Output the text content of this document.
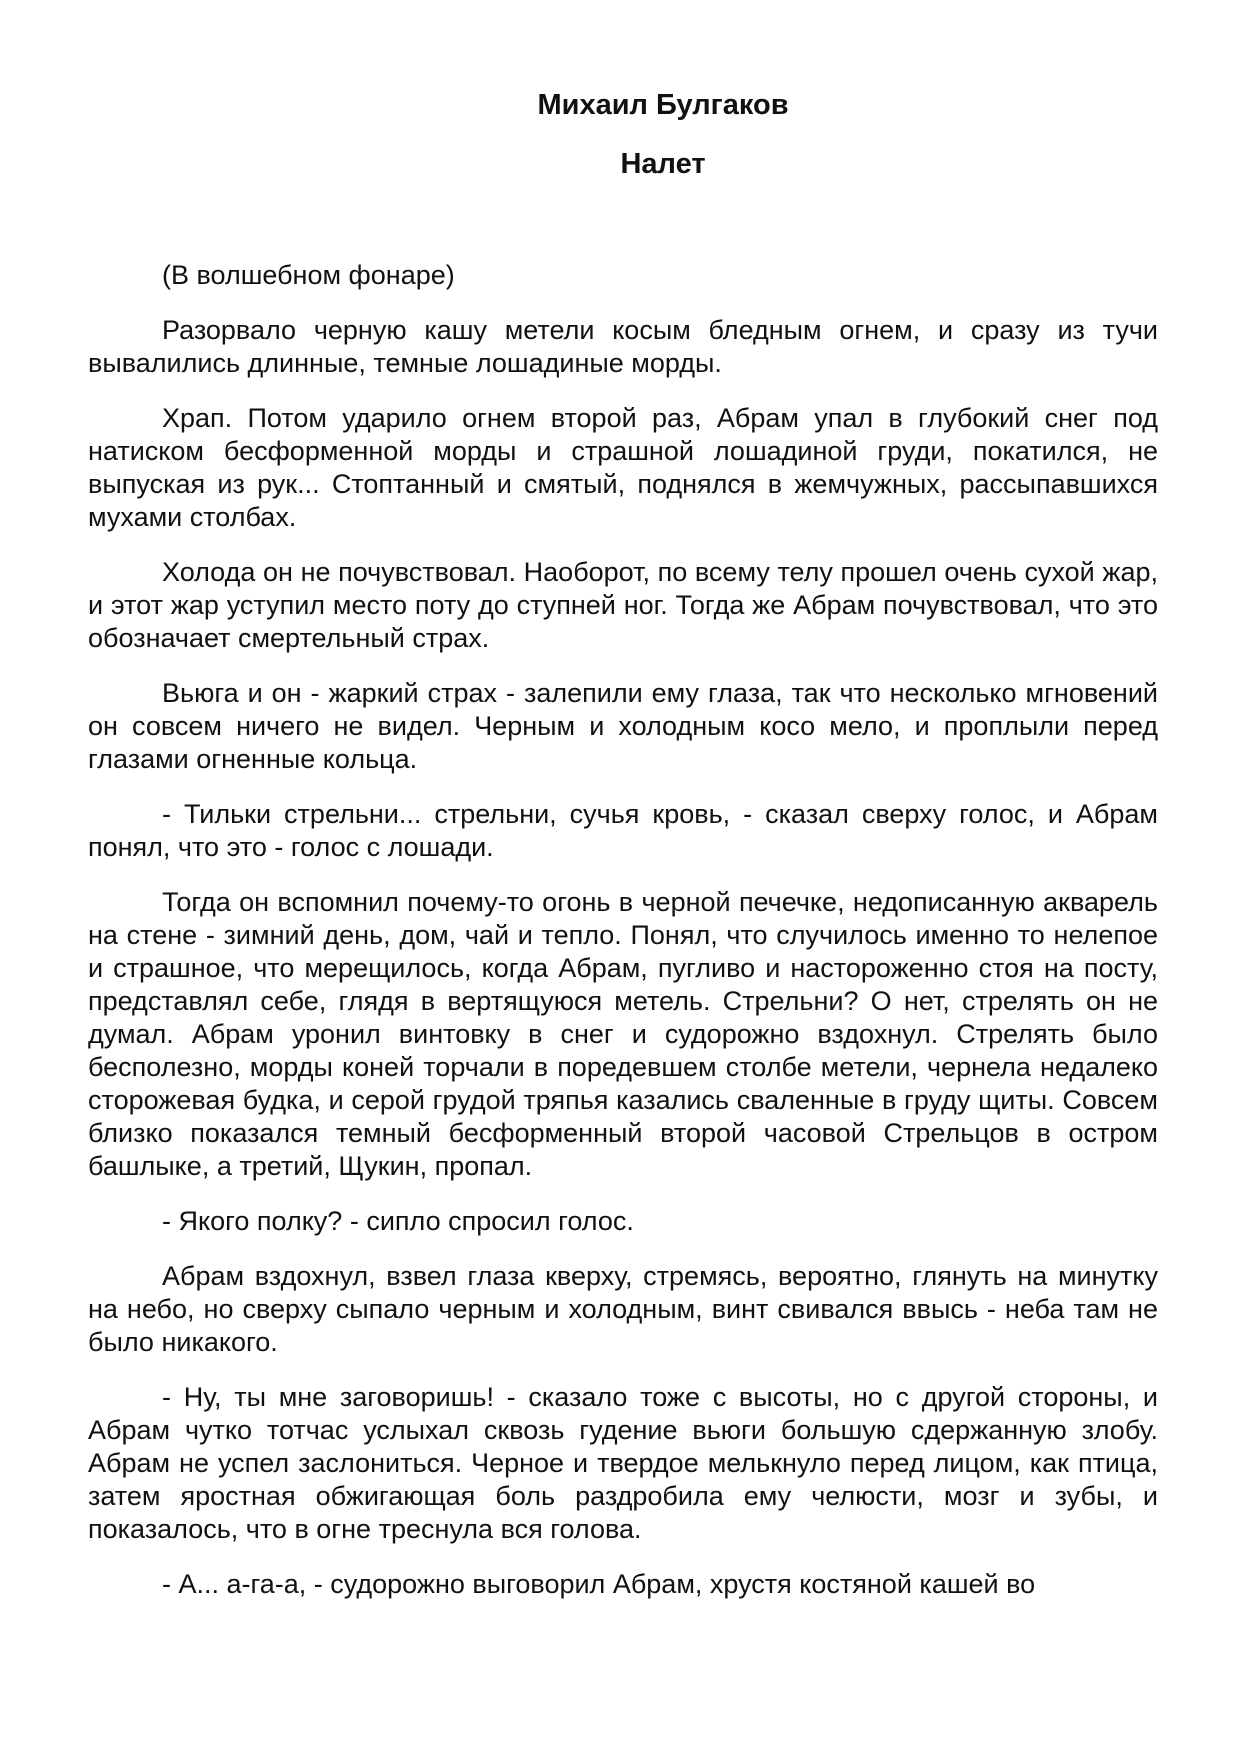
Михаил Булгаков
Налет

(В волшебном фонаре)

Разорвало черную кашу метели косым бледным огнем, и сразу из тучи вывалились длинные, темные лошадиные морды.

Храп. Потом ударило огнем второй раз, Абрам упал в глубокий снег под натиском бесформенной морды и страшной лошадиной груди, покатился, не выпуская из рук... Стоптанный и смятый, поднялся в жемчужных, рассыпавшихся мухами столбах.

Холода он не почувствовал. Наоборот, по всему телу прошел очень сухой жар, и этот жар уступил место поту до ступней ног. Тогда же Абрам почувствовал, что это обозначает смертельный страх.

Вьюга и он - жаркий страх - залепили ему глаза, так что несколько мгновений он совсем ничего не видел. Черным и холодным косо мело, и проплыли перед глазами огненные кольца.

- Тильки стрельни... стрельни, сучья кровь, - сказал сверху голос, и Абрам понял, что это - голос с лошади.

Тогда он вспомнил почему-то огонь в черной печечке, недописанную акварель на стене - зимний день, дом, чай и тепло. Понял, что случилось именно то нелепое и страшное, что мерещилось, когда Абрам, пугливо и настороженно стоя на посту, представлял себе, глядя в вертящуюся метель. Стрельни? О нет, стрелять он не думал. Абрам уронил винтовку в снег и судорожно вздохнул. Стрелять было бесполезно, морды коней торчали в поредевшем столбе метели, чернела недалеко сторожевая будка, и серой грудой тряпья казались сваленные в груду щиты. Совсем близко показался темный бесформенный второй часовой Стрельцов в остром башлыке, а третий, Щукин, пропал.

- Якого полку? - сипло спросил голос.

Абрам вздохнул, взвел глаза кверху, стремясь, вероятно, глянуть на минутку на небо, но сверху сыпало черным и холодным, винт свивался ввысь - неба там не было никакого.

- Ну, ты мне заговоришь! - сказало тоже с высоты, но с другой стороны, и Абрам чутко тотчас услыхал сквозь гудение вьюги большую сдержанную злобу. Абрам не успел заслониться. Черное и твердое мелькнуло перед лицом, как птица, затем яростная обжигающая боль раздробила ему челюсти, мозг и зубы, и показалось, что в огне треснула вся голова.

- А... а-га-а, - судорожно выговорил Абрам, хрустя костяной кашей во
